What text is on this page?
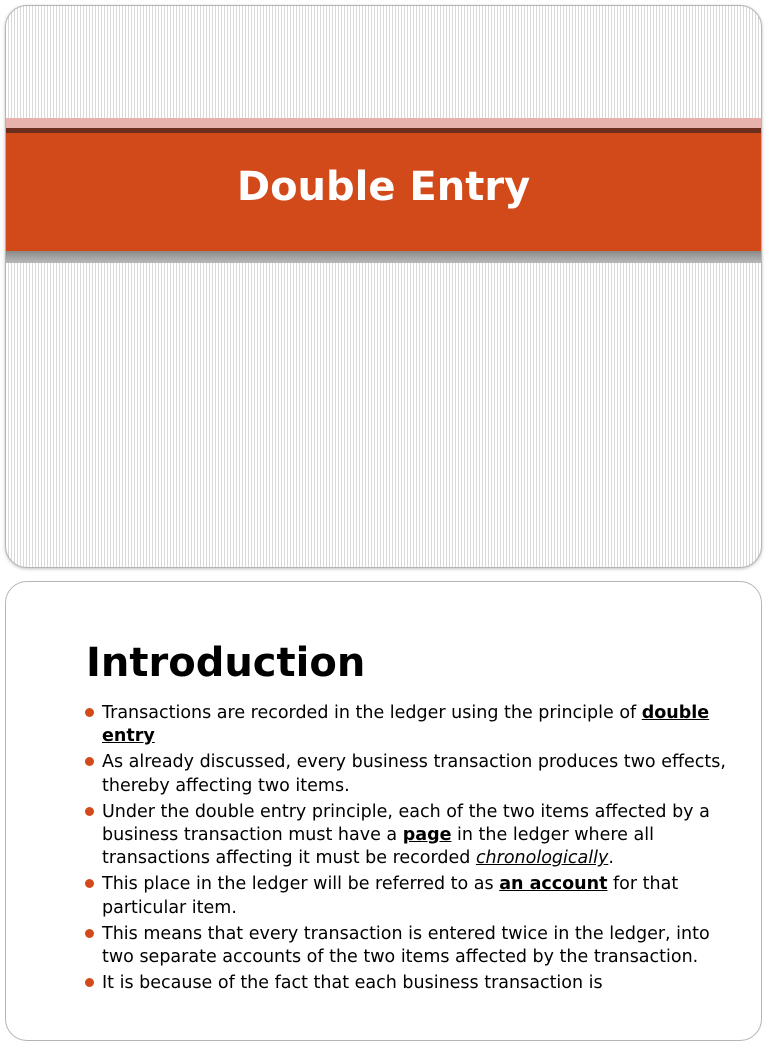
Double Entry
Introduction
Transactions are recorded in the ledger using the principle of double entry
As already discussed, every business transaction produces two effects, thereby affecting two items.
Under the double entry principle, each of the two items affected by a business transaction must have a page in the ledger where all transactions affecting it must be recorded chronologically.
This place in the ledger will be referred to as an account for that particular item.
This means that every transaction is entered twice in the ledger, into two separate accounts of the two items affected by the transaction.
It is because of the fact that each business transaction is
